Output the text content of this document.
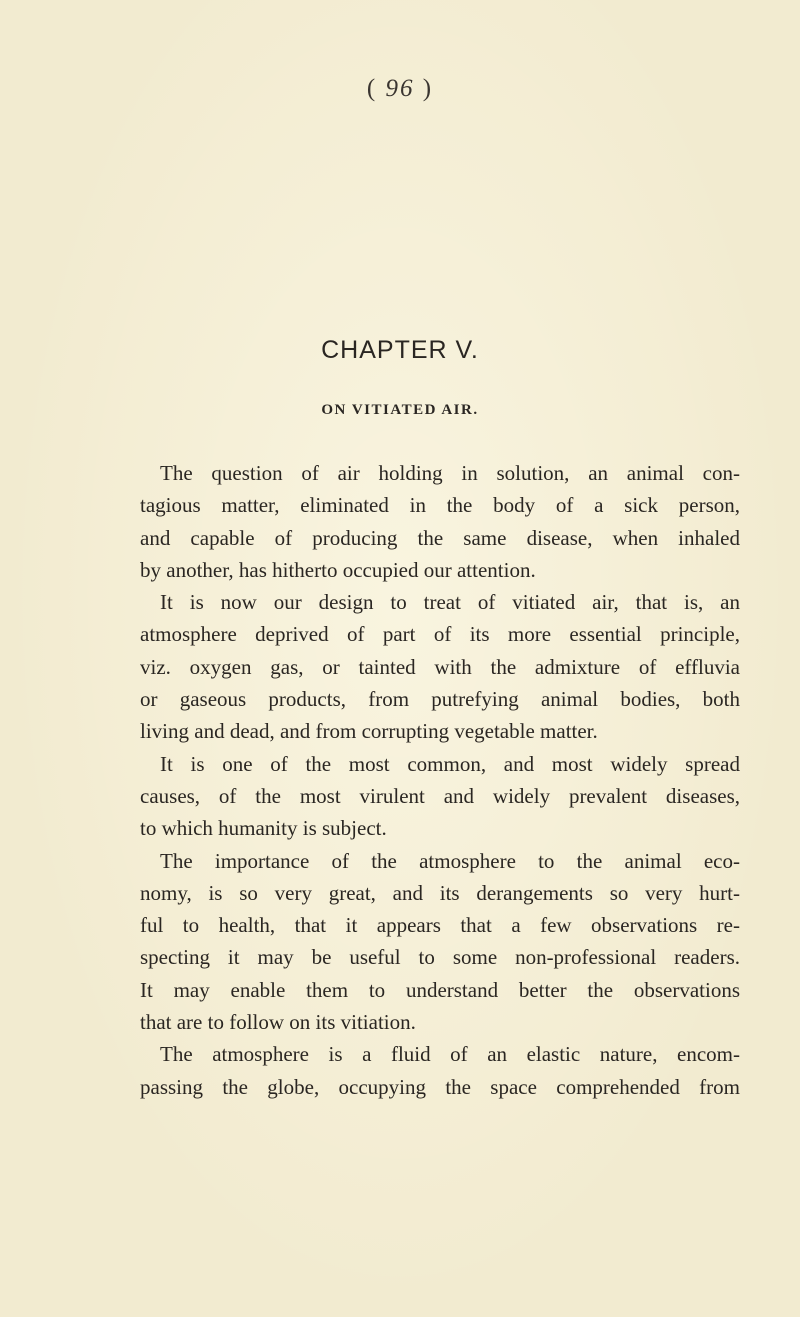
( 96 )
CHAPTER V.
ON VITIATED AIR.
The question of air holding in solution, an animal con-
tagious matter, eliminated in the body of a sick person,
and capable of producing the same disease, when inhaled
by another, has hitherto occupied our attention.
It is now our design to treat of vitiated air, that is, an
atmosphere deprived of part of its more essential principle,
viz. oxygen gas, or tainted with the admixture of effluvia
or gaseous products, from putrefying animal bodies, both
living and dead, and from corrupting vegetable matter.
It is one of the most common, and most widely spread
causes, of the most virulent and widely prevalent diseases,
to which humanity is subject.
The importance of the atmosphere to the animal eco-
nomy, is so very great, and its derangements so very hurt-
ful to health, that it appears that a few observations re-
specting it may be useful to some non-professional readers.
It may enable them to understand better the observations
that are to follow on its vitiation.
The atmosphere is a fluid of an elastic nature, encom-
passing the globe, occupying the space comprehended from
